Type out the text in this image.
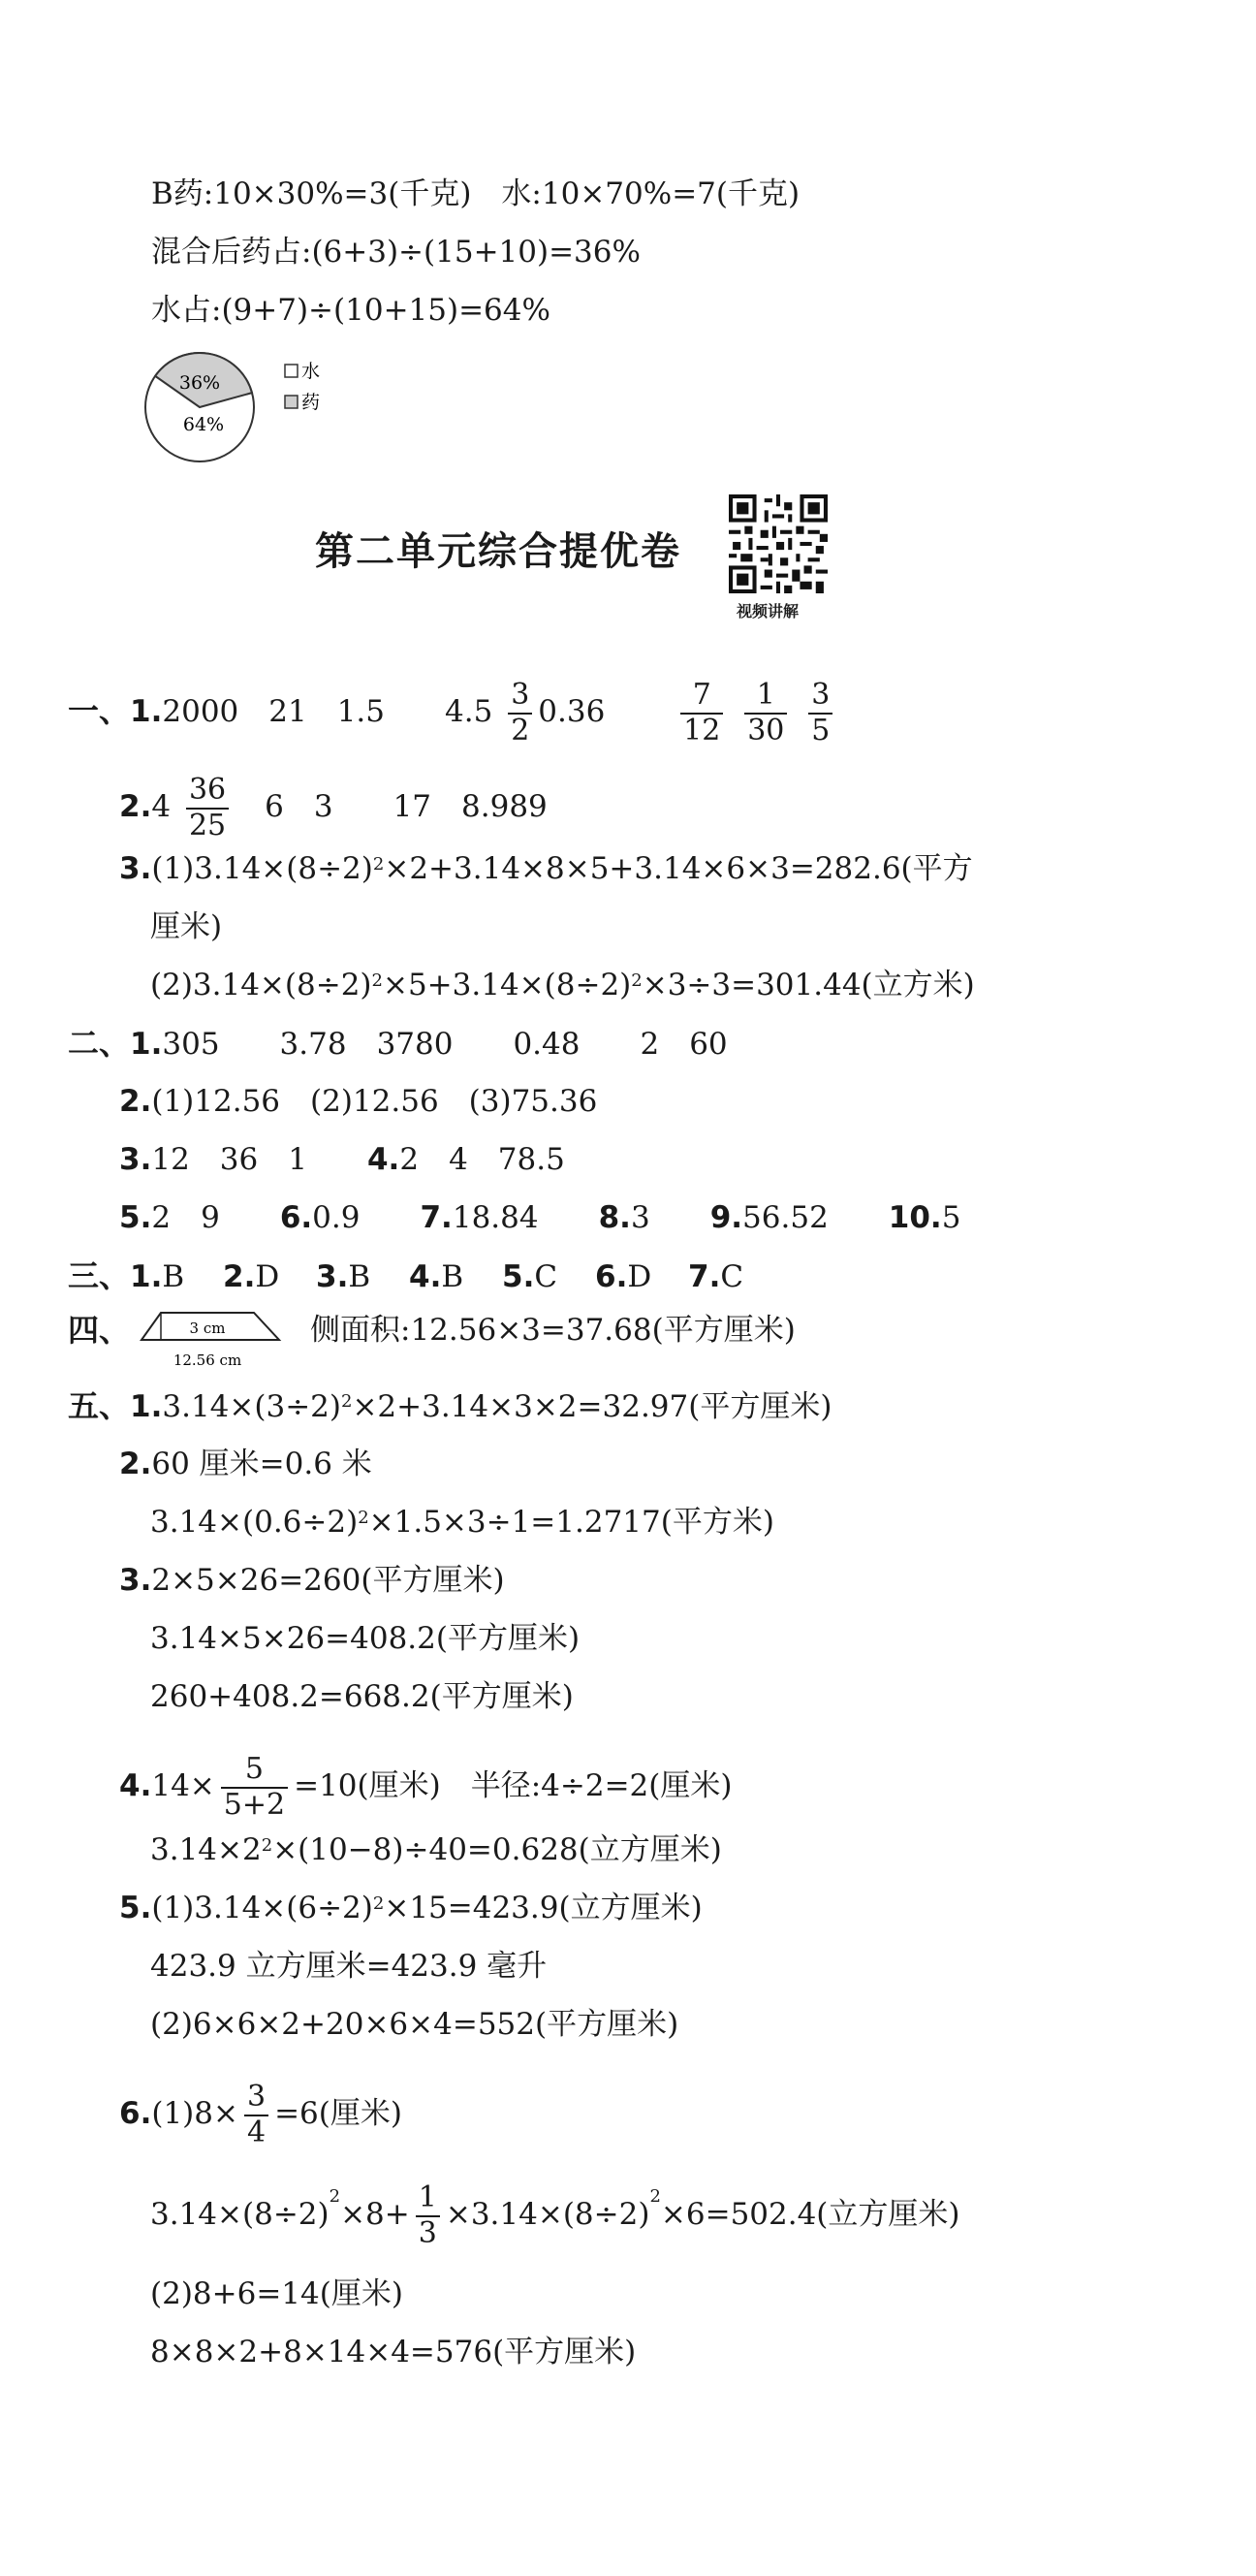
B药:10×30%=3(千克)　水:10×70%=7(千克)
混合后药占:(6+3)÷(15+10)=36%
水占:(9+7)÷(10+15)=64%
36%
64%
水
药
第二单元综合提优卷
视频讲解
一、1.2000　21　1.5　　$4.5 \frac{3}{2} 0.36$　　 $\frac{7}{12}$
$\frac{1}{30}$
$\frac{3}{5}$
$2.4 \frac{36}{25}$ 　6　3　　17　8.989
$3.(1)3.14\times(8\div 2)^2\times 2+3.14\times 8\times 5+3.14\times 6\times 3=282.6$(平方
厘米)
$(2)3.14\times(8\div 2)^2\times 5+3.14\times(8\div 2)^2\times 3\div 3=301.44$(立方米)
二、1.305　　3.78　3780　　0.48　　2　60
2.(1)12.56　(2)12.56　(3)75.36
3.12　36　1　　 4.2　4　78.5
5.2　9　　 6.0.9　　 7.18.84　　 8.3　　 9.56.52　　 10.5
三、1.B 2.D 3.B 4.B 5.C 6.D 7.C
四、	3 cm
12.56 cm
侧面积:12.56×3=37.68(平方厘米)
五、$1.3.14\times(3\div 2)^2\times 2+3.14\times 3\times 2=32.97$(平方厘米)
2.60 厘米=0.6 米
$3.14\times(0.6\div 2)^2\times 1.5\times 3\div 1=1.2717$(平方米)
3.2×5×26=260(平方厘米)
3.14×5×26=408.2(平方厘米)
260+408.2=668.2(平方厘米)
$4.14\times \frac{5}{5+2} =10$(厘米)　半径:4÷2=2(厘米)
$3.14\times 2^2\times(10-8)\div 40=0.628$(立方厘米)
$5.(1)3.14\times(6\div 2)^2\times 15=423.9$(立方厘米)
423.9 立方厘米=423.9 毫升
(2)6×6×2+20×6×4=552(平方厘米)
$6.(1)8\times \frac{3}{4} =6$(厘米)
$3.14\times(8\div 2)^2\times 8+ \frac{1}{3} \times 3.14\times(8\div 2)^2\times 6=502.4$(立方厘米)
(2)8+6=14(厘米)
8×8×2+8×14×4=576(平方厘米)
